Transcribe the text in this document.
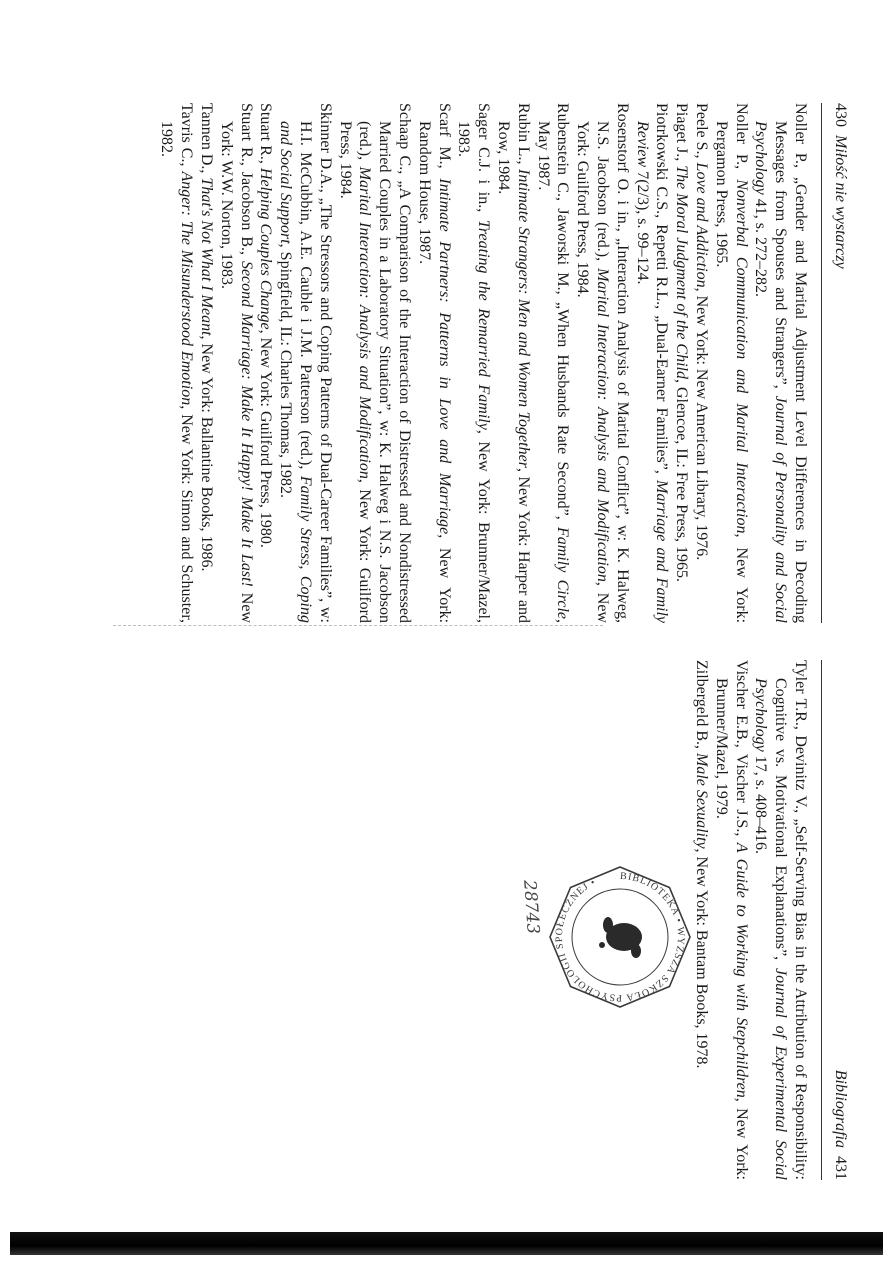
430Miłość nie wystarczy

Noller P., „Gender and Marital Adjustment Level Differences in Decoding Messages from Spouses and Strangers”, Journal of Personality and Social Psychology 41, s. 272–282.

Noller P., Nonverbal Communication and Marital Interaction, New York: Pergamon Press, 1965.

Peele S., Love and Addiction, New York: New American Library, 1976.

Piaget J., The Moral Judgment of the Child, Glencoe, IL: Free Press, 1965.

Piotrkowski C.S., Repetti R.L., „Dual-Earner Families”, Marriage and Family Review 7(2/3), s. 99–124.

Rosenstorf O. i in., „Interaction Analysis of Marital Conflict”, w: K. Halweg, N.S. Jacobson (red.), Marital Interaction: Analysis and Modification, New York: Guilford Press, 1984.

Rubenstein C., Jaworski M., „When Husbands Rate Second”, Family Circle, May 1987.

Rubin L., Intimate Strangers: Men and Women Together, New York: Harper and Row, 1984.

Sager C.J. i in., Treating the Remarried Family, New York: Brunner/Mazel, 1983.

Scarf M., Intimate Partners: Patterns in Love and Marriage, New York: Random House, 1987.

Schaap C., „A Comparison of the Interaction of Distressed and Nondistressed Married Couples in a Laboratory Situation”, w: K. Halweg i N.S. Jacobson (red.), Marital Interaction: Analysis and Modification, New York: Guilford Press, 1984.

Skinner D.A., „The Stressors and Coping Patterns of Dual-Career Families”, w: H.I. McCubbin, A.E. Cauble i J.M. Patterson (red.), Family Stress, Coping and Social Support, Spingfield, IL: Charles Thomas, 1982.

Stuart R., Helping Couples Change, New York: Guilford Press, 1980.

Stuart R., Jacobson B., Second Marriage: Make It Happy! Make It Last! New York: W.W. Norton, 1983.

Tannen D., That's Not What I Meant, New York: Ballantine Books, 1986.

Tavris C., Anger: The Misunderstood Emotion, New York: Simon and Schuster, 1982.

Bibliografia431

Tyler T.R., Devinitz V., „Self-Serving Bias in the Attribution of Responsibility: Cognitive vs. Motivational Explanations”, Journal of Experimental Social Psychology 17, s. 408–416.

Vischer E.B., Vischer J.S., A Guide to Working with Stepchildren, New York: Brunner/Mazel, 1979.

Zilbergeld B., Male Sexuality, New York: Bantam Books, 1978.

BIBLIOTEKA • WYŻSZA SZKOŁA PSYCHOLOGII SPOŁECZNEJ •
28743
